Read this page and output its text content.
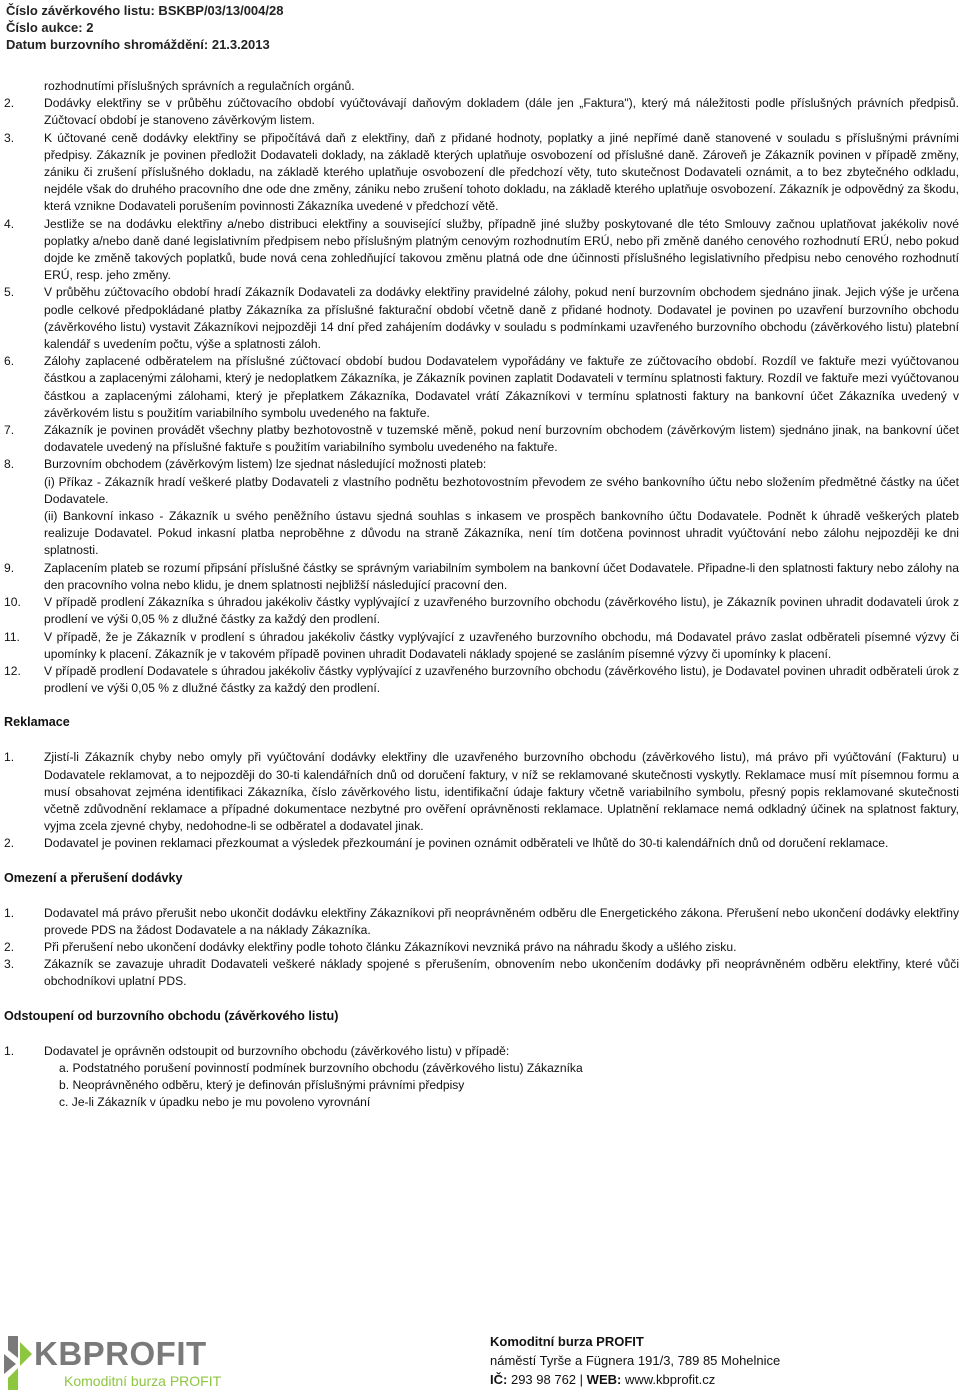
Číslo závěrkového listu: BSKBP/03/13/004/28
Číslo aukce: 2
Datum burzovního shromáždění: 21.3.2013
rozhodnutími příslušných správních a regulačních orgánů.
2.	Dodávky elektřiny se v průběhu zúčtovacího období vyúčtovávají daňovým dokladem (dále jen „Faktura"), který má náležitosti podle příslušných právních předpisů. Zúčtovací období je stanoveno závěrkovým listem.
3.	K účtované ceně dodávky elektřiny se připočítává daň z elektřiny, daň z přidané hodnoty, poplatky a jiné nepřímé daně stanovené v souladu s příslušnými právními předpisy. Zákazník je povinen předložit Dodavateli doklady, na základě kterých uplatňuje osvobození od příslušné daně. Zároveň je Zákazník povinen v případě změny, zániku či zrušení příslušného dokladu, na základě kterého uplatňuje osvobození dle předchozí věty, tuto skutečnost Dodavateli oznámit, a to bez zbytečného odkladu, nejdéle však do druhého pracovního dne ode dne změny, zániku nebo zrušení tohoto dokladu, na základě kterého uplatňuje osvobození. Zákazník je odpovědný za škodu, která vznikne Dodavateli porušením povinnosti Zákazníka uvedené v předchozí větě.
4.	Jestliže se na dodávku elektřiny a/nebo distribuci elektřiny a související služby, případně jiné služby poskytované dle této Smlouvy začnou uplatňovat jakékoliv nové poplatky a/nebo daně dané legislativním předpisem nebo příslušným platným cenovým rozhodnutím ERÚ, nebo při změně daného cenového rozhodnutí ERÚ, nebo pokud dojde ke změně takových poplatků, bude nová cena zohledňující takovou změnu platná ode dne účinnosti příslušného legislativního předpisu nebo cenového rozhodnutí ERÚ, resp. jeho změny.
5.	V průběhu zúčtovacího období hradí Zákazník Dodavateli za dodávky elektřiny pravidelné zálohy, pokud není burzovním obchodem sjednáno jinak. Jejich výše je určena podle celkové předpokládané platby Zákazníka za příslušné fakturační období včetně daně z přidané hodnoty. Dodavatel je povinen po uzavření burzovního obchodu (závěrkového listu) vystavit Zákazníkovi nejpozději 14 dní před zahájením dodávky v souladu s podmínkami uzavřeného burzovního obchodu (závěrkového listu) platební kalendář s uvedením počtu, výše a splatnosti záloh.
6.	Zálohy zaplacené odběratelem na příslušné zúčtovací období budou Dodavatelem vypořádány ve faktuře ze zúčtovacího období. Rozdíl ve faktuře mezi vyúčtovanou částkou a zaplacenými zálohami, který je nedoplatkem Zákazníka, je Zákazník povinen zaplatit Dodavateli v termínu splatnosti faktury. Rozdíl ve faktuře mezi vyúčtovanou částkou a zaplacenými zálohami, který je přeplatkem Zákazníka, Dodavatel vrátí Zákazníkovi v termínu splatnosti faktury na bankovní účet Zákazníka uvedený v závěrkovém listu s použitím variabilního symbolu uvedeného na faktuře.
7.	Zákazník je povinen provádět všechny platby bezhotovostně v tuzemské měně, pokud není burzovním obchodem (závěrkovým listem) sjednáno jinak, na bankovní účet dodavatele uvedený na příslušné faktuře s použitím variabilního symbolu uvedeného na faktuře.
8.	Burzovním obchodem (závěrkovým listem) lze sjednat následující možnosti plateb:
(i) Příkaz - Zákazník hradí veškeré platby Dodavateli z vlastního podnětu bezhotovostním převodem ze svého bankovního účtu nebo složením předmětné částky na účet Dodavatele.
(ii) Bankovní inkaso - Zákazník u svého peněžního ústavu sjedná souhlas s inkasem ve prospěch bankovního účtu Dodavatele. Podnět k úhradě veškerých plateb realizuje Dodavatel. Pokud inkasní platba neproběhne z důvodu na straně Zákazníka, není tím dotčena povinnost uhradit vyúčtování nebo zálohu nejpozději ke dni splatnosti.
9.	Zaplacením plateb se rozumí připsání příslušné částky se správným variabilním symbolem na bankovní účet Dodavatele. Připadne-li den splatnosti faktury nebo zálohy na den pracovního volna nebo klidu, je dnem splatnosti nejbližší následující pracovní den.
10.	V případě prodlení Zákazníka s úhradou jakékoliv částky vyplývající z uzavřeného burzovního obchodu (závěrkového listu), je Zákazník povinen uhradit dodavateli úrok z prodlení ve výši 0,05 % z dlužné částky za každý den prodlení.
11.	V případě, že je Zákazník v prodlení s úhradou jakékoliv částky vyplývající z uzavřeného burzovního obchodu, má Dodavatel právo zaslat odběrateli písemné výzvy či upomínky k placení. Zákazník je v takovém případě povinen uhradit Dodavateli náklady spojené se zasláním písemné výzvy či upomínky k placení.
12.	V případě prodlení Dodavatele s úhradou jakékoliv částky vyplývající z uzavřeného burzovního obchodu (závěrkového listu), je Dodavatel povinen uhradit odběrateli úrok z prodlení ve výši 0,05 % z dlužné částky za každý den prodlení.
Reklamace
1.	Zjistí-li Zákazník chyby nebo omyly při vyúčtování dodávky elektřiny dle uzavřeného burzovního obchodu (závěrkového listu), má právo při vyúčtování (Fakturu) u Dodavatele reklamovat, a to nejpozději do 30-ti kalendářních dnů od doručení faktury, v níž se reklamované skutečnosti vyskytly. Reklamace musí mít písemnou formu a musí obsahovat zejména identifikaci Zákazníka, číslo závěrkového listu, identifikační údaje faktury včetně variabilního symbolu, přesný popis reklamované skutečnosti včetně zdůvodnění reklamace a případné dokumentace nezbytné pro ověření oprávněnosti reklamace. Uplatnění reklamace nemá odkladný účinek na splatnost faktury, vyjma zcela zjevné chyby, nedohodne-li se odběratel a dodavatel jinak.
2.	Dodavatel je povinen reklamaci přezkoumat a výsledek přezkoumání je povinen oznámit odběrateli ve lhůtě do 30-ti kalendářních dnů od doručení reklamace.
Omezení a přerušení dodávky
1.	Dodavatel má právo přerušit nebo ukončit dodávku elektřiny Zákazníkovi při neoprávněném odběru dle Energetického zákona. Přerušení nebo ukončení dodávky elektřiny provede PDS na žádost Dodavatele a na náklady Zákazníka.
2.	Při přerušení nebo ukončení dodávky elektřiny podle tohoto článku Zákazníkovi nevzniká právo na náhradu škody a ušlého zisku.
3.	Zákazník se zavazuje uhradit Dodavateli veškeré náklady spojené s přerušením, obnovením nebo ukončením dodávky při neoprávněném odběru elektřiny, které vůči obchodníkovi uplatní PDS.
Odstoupení od burzovního obchodu (závěrkového listu)
1.	Dodavatel je oprávněn odstoupit od burzovního obchodu (závěrkového listu) v případě:
a. Podstatného porušení povinností podmínek burzovního obchodu (závěrkového listu) Zákazníka
b. Neoprávněného odběru, který je definován příslušnými právními předpisy
c. Je-li Zákazník v úpadku nebo je mu povoleno vyrovnání
KBPROFIT
Komoditní burza PROFIT
Komoditní burza PROFIT
náměstí Tyrše a Fügnera 191/3, 789 85 Mohelnice
IČ: 293 98 762 | WEB: www.kbprofit.cz
